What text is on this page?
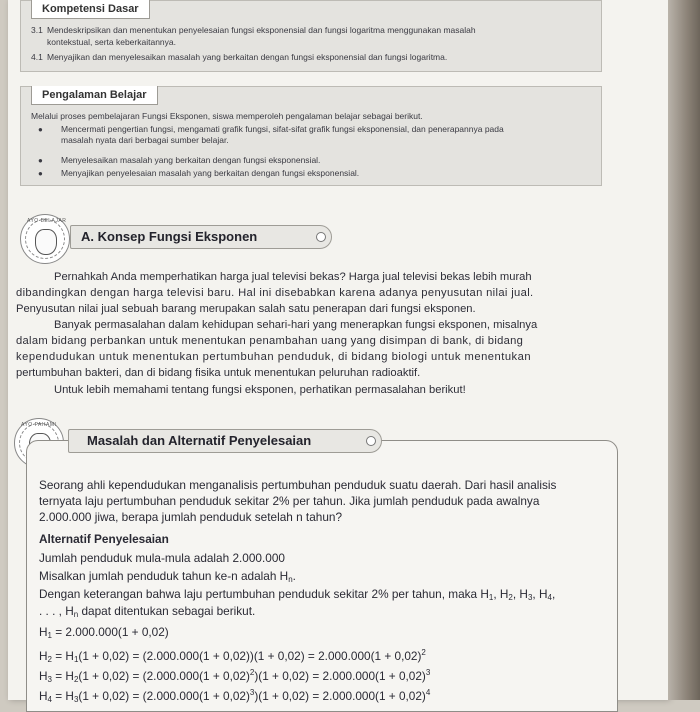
Kompetensi Dasar
3.1 Mendeskripsikan dan menentukan penyelesaian fungsi eksponensial dan fungsi logaritma menggunakan masalah
kontekstual, serta keberkaitannya.
4.1 Menyajikan dan menyelesaikan masalah yang berkaitan dengan fungsi eksponensial dan fungsi logaritma.
Pengalaman Belajar
Melalui proses pembelajaran Fungsi Eksponen, siswa memperoleh pengalaman belajar sebagai berikut.
●	Mencermati pengertian fungsi, mengamati grafik fungsi, sifat-sifat grafik fungsi eksponensial, dan penerapannya pada
masalah nyata dari berbagai sumber belajar.
●	Menyelesaikan masalah yang berkaitan dengan fungsi eksponensial.
●	Menyajikan penyelesaian masalah yang berkaitan dengan fungsi eksponensial.
AYO BELAJAR
A. Konsep Fungsi Eksponen
Pernahkah Anda memperhatikan harga jual televisi bekas? Harga jual televisi bekas lebih murah
dibandingkan dengan harga televisi baru. Hal ini disebabkan karena adanya penyusutan nilai jual.
Penyusutan nilai jual sebuah barang merupakan salah satu penerapan dari fungsi eksponen.
Banyak permasalahan dalam kehidupan sehari-hari yang menerapkan fungsi eksponen, misalnya
dalam bidang perbankan untuk menentukan penambahan uang yang disimpan di bank, di bidang
kependudukan untuk menentukan pertumbuhan penduduk, di bidang biologi untuk menentukan
pertumbuhan bakteri, dan di bidang fisika untuk menentukan peluruhan radioaktif.
Untuk lebih memahami tentang fungsi eksponen, perhatikan permasalahan berikut!
AYO PAHAMI
Seorang ahli kependudukan menganalisis pertumbuhan penduduk suatu daerah. Dari hasil analisis
ternyata laju pertumbuhan penduduk sekitar 2% per tahun. Jika jumlah penduduk pada awalnya
2.000.000 jiwa, berapa jumlah penduduk setelah n tahun?
Alternatif Penyelesaian
Jumlah penduduk mula-mula adalah 2.000.000
Misalkan jumlah penduduk tahun ke-n adalah $H_n$.
Dengan keterangan bahwa laju pertumbuhan penduduk sekitar 2% per tahun, maka $H_1$, $H_2$, $H_3$, $H_4$,
. . . , $H_n$ dapat ditentukan sebagai berikut.
$H_1 = 2.000.000(1 + 0,02)$
$H_2 = H_1(1 + 0,02) = (2.000.000(1 + 0,02))(1 + 0,02) = 2.000.000(1 + 0,02)^2$
$H_3 = H_2(1 + 0,02) = (2.000.000(1 + 0,02)^2)(1 + 0,02) = 2.000.000(1 + 0,02)^3$
$H_4 = H_3(1 + 0,02) = (2.000.000(1 + 0,02)^3)(1 + 0,02) = 2.000.000(1 + 0,02)^4$
Masalah dan Alternatif Penyelesaian
